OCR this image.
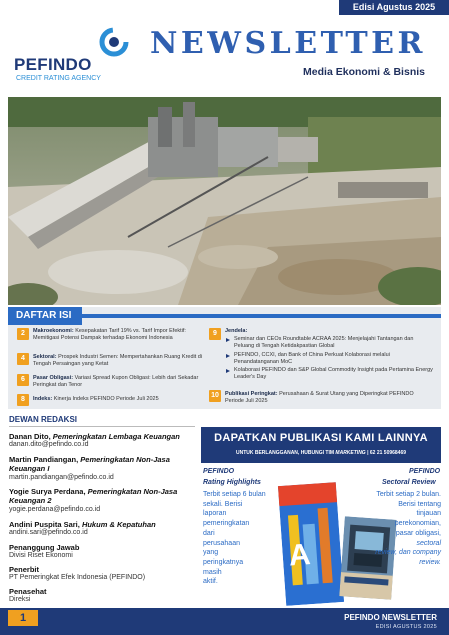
Edisi Agustus 2025
PEFINDO
CREDIT RATING AGENCY
NEWSLETTER
Media Ekonomi & Bisnis
DAFTAR ISI
2	Makroekonomi: Kesepakatan Tarif 19% vs. Tarif Impor Efektif: Memitigasi Potensi Dampak terhadap Ekonomi Indonesia
4	Sektoral: Prospek Industri Semen: Mempertahankan Ruang Kredit di Tengah Persaingan yang Ketat
6	Pasar Obligasi: Variasi Spread Kupon Obligasi: Lebih dari Sekadar Peringkat dan Tenor
8	Indeks: Kinerja Indeks PEFINDO Periode Juli 2025
9	Jendela:
Seminar dan CEOs Roundtable ACRAA 2025: Menjelajahi Tantangan dan Peluang di Tengah Ketidakpastian Global
PEFINDO, CCXI, dan Bank of China Perkuat Kolaborasi melalui Penandatanganan MoC
Kolaborasi PEFINDO dan S&P Global Commodity Insight pada Pertamina Energy Leader's Day
10	Publikasi Peringkat: Perusahaan & Surat Utang yang Diperingkat PEFINDO Periode Juli 2025
DEWAN REDAKSI
Danan Dito, Pemeringkatan Lembaga Keuangan
danan.dito@pefindo.co.id
Martin Pandiangan, Pemeringkatan Non-Jasa Keuangan I
martin.pandiangan@pefindo.co.id
Yogie Surya Perdana, Pemeringkatan Non-Jasa Keuangan 2
yogie.perdana@pefindo.co.id
Andini Puspita Sari, Hukum & Kepatuhan
andini.sari@pefindo.co.id
Penanggung Jawab
Divisi Riset Ekonomi
Penerbit
PT Pemeringkat Efek Indonesia (PEFINDO)
Penasehat
Direksi
DAPATKAN PUBLIKASI KAMI LAINNYA
UNTUK BERLANGGANAN, HUBUNGI TIM MARKETING | 62 21 50968469
PEFINDO
Rating Highlights
Terbit setiap 6 bulan
sekali. Berisi
laporan
pemeringkatan
dari
perusahaan
yang
peringkatnya
masih
aktif.
A
PEFINDO
Sectoral Review
Terbit setiap 2 bulan.
Berisi tentang
tinjauan
perekonomian,
pasar obligasi,
sectoral
review, dan company
review.
1	PEFINDO NEWSLETTER
EDISI AGUSTUS 2025
